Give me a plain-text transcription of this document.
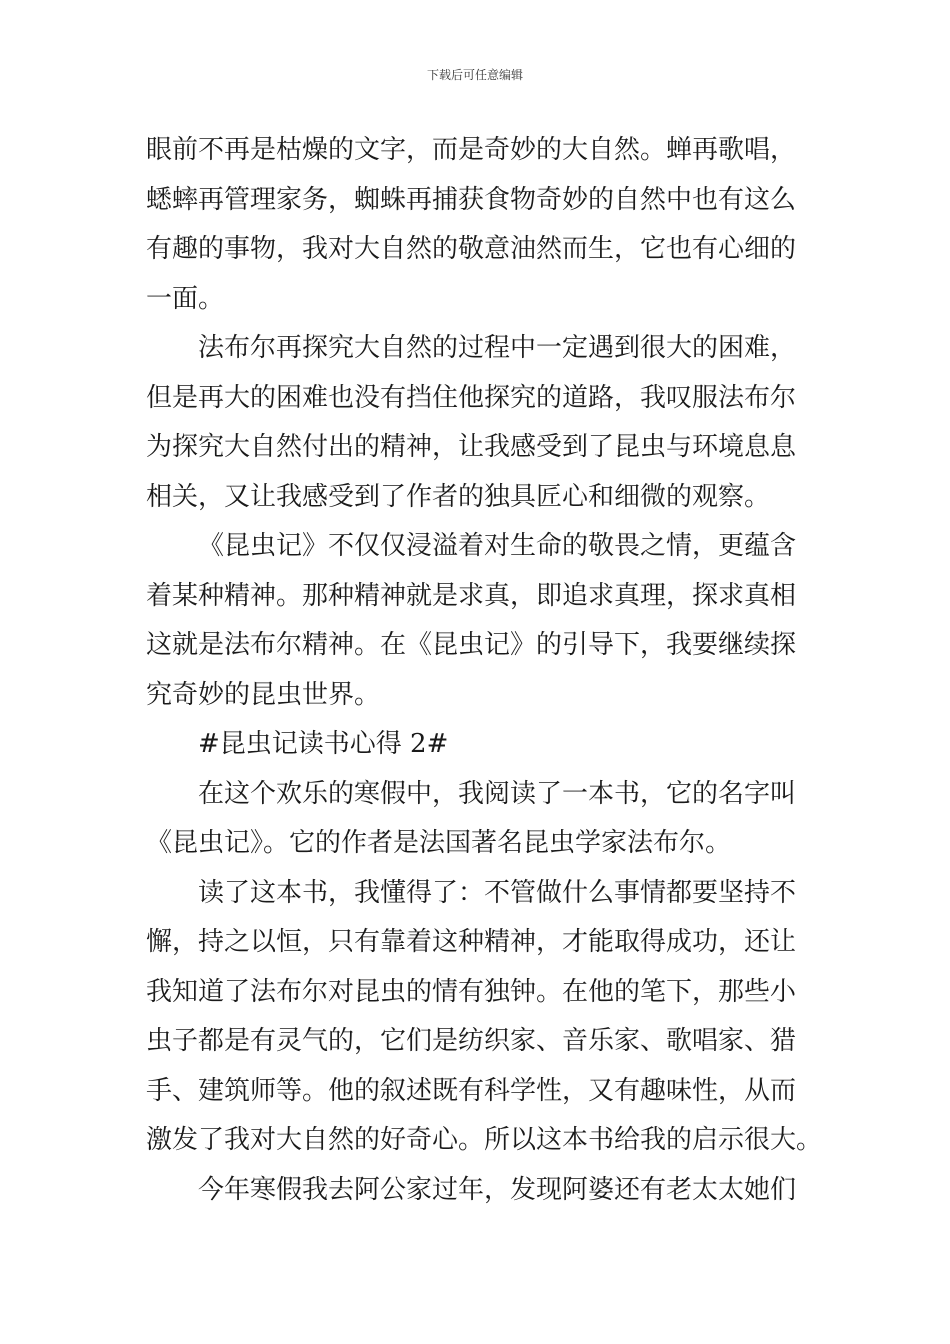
下载后可任意编辑

眼前不再是枯燥的文字，而是奇妙的大自然。蝉再歌唱，

蟋蟀再管理家务，蜘蛛再捕获食物奇妙的自然中也有这么

有趣的事物，我对大自然的敬意油然而生，它也有心细的

一面。

法布尔再探究大自然的过程中一定遇到很大的困难，

但是再大的困难也没有挡住他探究的道路，我叹服法布尔

为探究大自然付出的精神，让我感受到了昆虫与环境息息

相关，又让我感受到了作者的独具匠心和细微的观察。

《昆虫记》不仅仅浸溢着对生命的敬畏之情，更蕴含

着某种精神。那种精神就是求真，即追求真理，探求真相

这就是法布尔精神。在《昆虫记》的引导下，我要继续探

究奇妙的昆虫世界。

#昆虫记读书心得 2#

在这个欢乐的寒假中，我阅读了一本书，它的名字叫

《昆虫记》。它的作者是法国著名昆虫学家法布尔。

读了这本书，我懂得了：不管做什么事情都要坚持不

懈，持之以恒，只有靠着这种精神，才能取得成功，还让

我知道了法布尔对昆虫的情有独钟。在他的笔下，那些小

虫子都是有灵气的，它们是纺织家、音乐家、歌唱家、猎

手、建筑师等。他的叙述既有科学性，又有趣味性，从而

激发了我对大自然的好奇心。所以这本书给我的启示很大。

今年寒假我去阿公家过年，发现阿婆还有老太太她们
